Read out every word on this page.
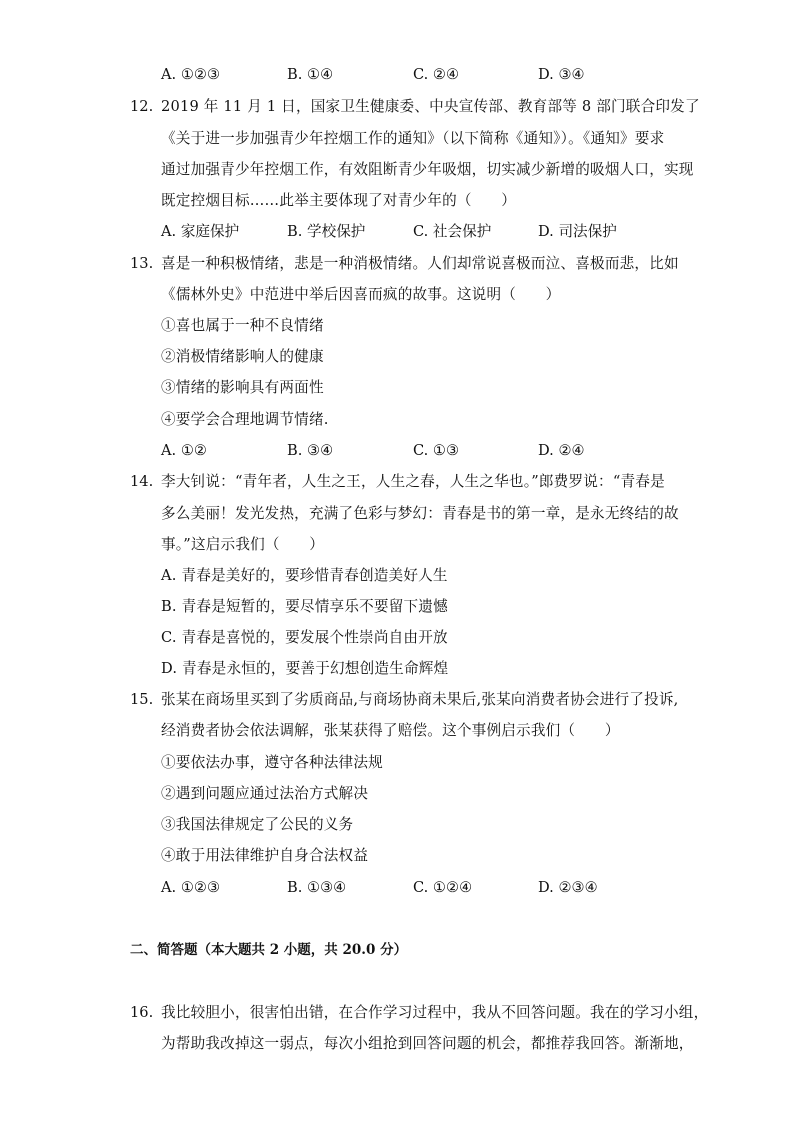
A. ①②③	B. ①④	C. ②④	D. ③④
12. 2019 年 11 月 1 日，国家卫生健康委、中央宣传部、教育部等 8 部门联合印发了
《关于进一步加强青少年控烟工作的通知》（以下简称《通知》）。《通知》要求
通过加强青少年控烟工作，有效阻断青少年吸烟，切实减少新增的吸烟人口，实现
既定控烟目标……此举主要体现了对青少年的（　　）
A. 家庭保护	B. 学校保护	C. 社会保护	D. 司法保护
13. 喜是一种积极情绪，悲是一种消极情绪。人们却常说喜极而泣、喜极而悲，比如
《儒林外史》中范进中举后因喜而疯的故事。这说明（　　）
①喜也属于一种不良情绪
②消极情绪影响人的健康
③情绪的影响具有两面性
④要学会合理地调节情绪.
A. ①②	B. ③④	C. ①③	D. ②④
14. 李大钊说：“青年者，人生之王，人生之春，人生之华也。”郎费罗说：“青春是
多么美丽！发光发热，充满了色彩与梦幻：青春是书的第一章，是永无终结的故
事。”这启示我们（　　）
A. 青春是美好的，要珍惜青春创造美好人生
B. 青春是短暂的，要尽情享乐不要留下遗憾
C. 青春是喜悦的，要发展个性崇尚自由开放
D. 青春是永恒的，要善于幻想创造生命辉煌
15. 张某在商场里买到了劣质商品,与商场协商未果后,张某向消费者协会进行了投诉,
经消费者协会依法调解，张某获得了赔偿。这个事例启示我们（　　）
①要依法办事，遵守各种法律法规
②遇到问题应通过法治方式解决
③我国法律规定了公民的义务
④敢于用法律维护自身合法权益
A. ①②③	B. ①③④	C. ①②④	D. ②③④
二、简答题（本大题共 2 小题，共 20.0 分）
16. 我比较胆小，很害怕出错，在合作学习过程中，我从不回答问题。我在的学习小组，
为帮助我改掉这一弱点，每次小组抢到回答问题的机会，都推荐我回答。渐渐地，
